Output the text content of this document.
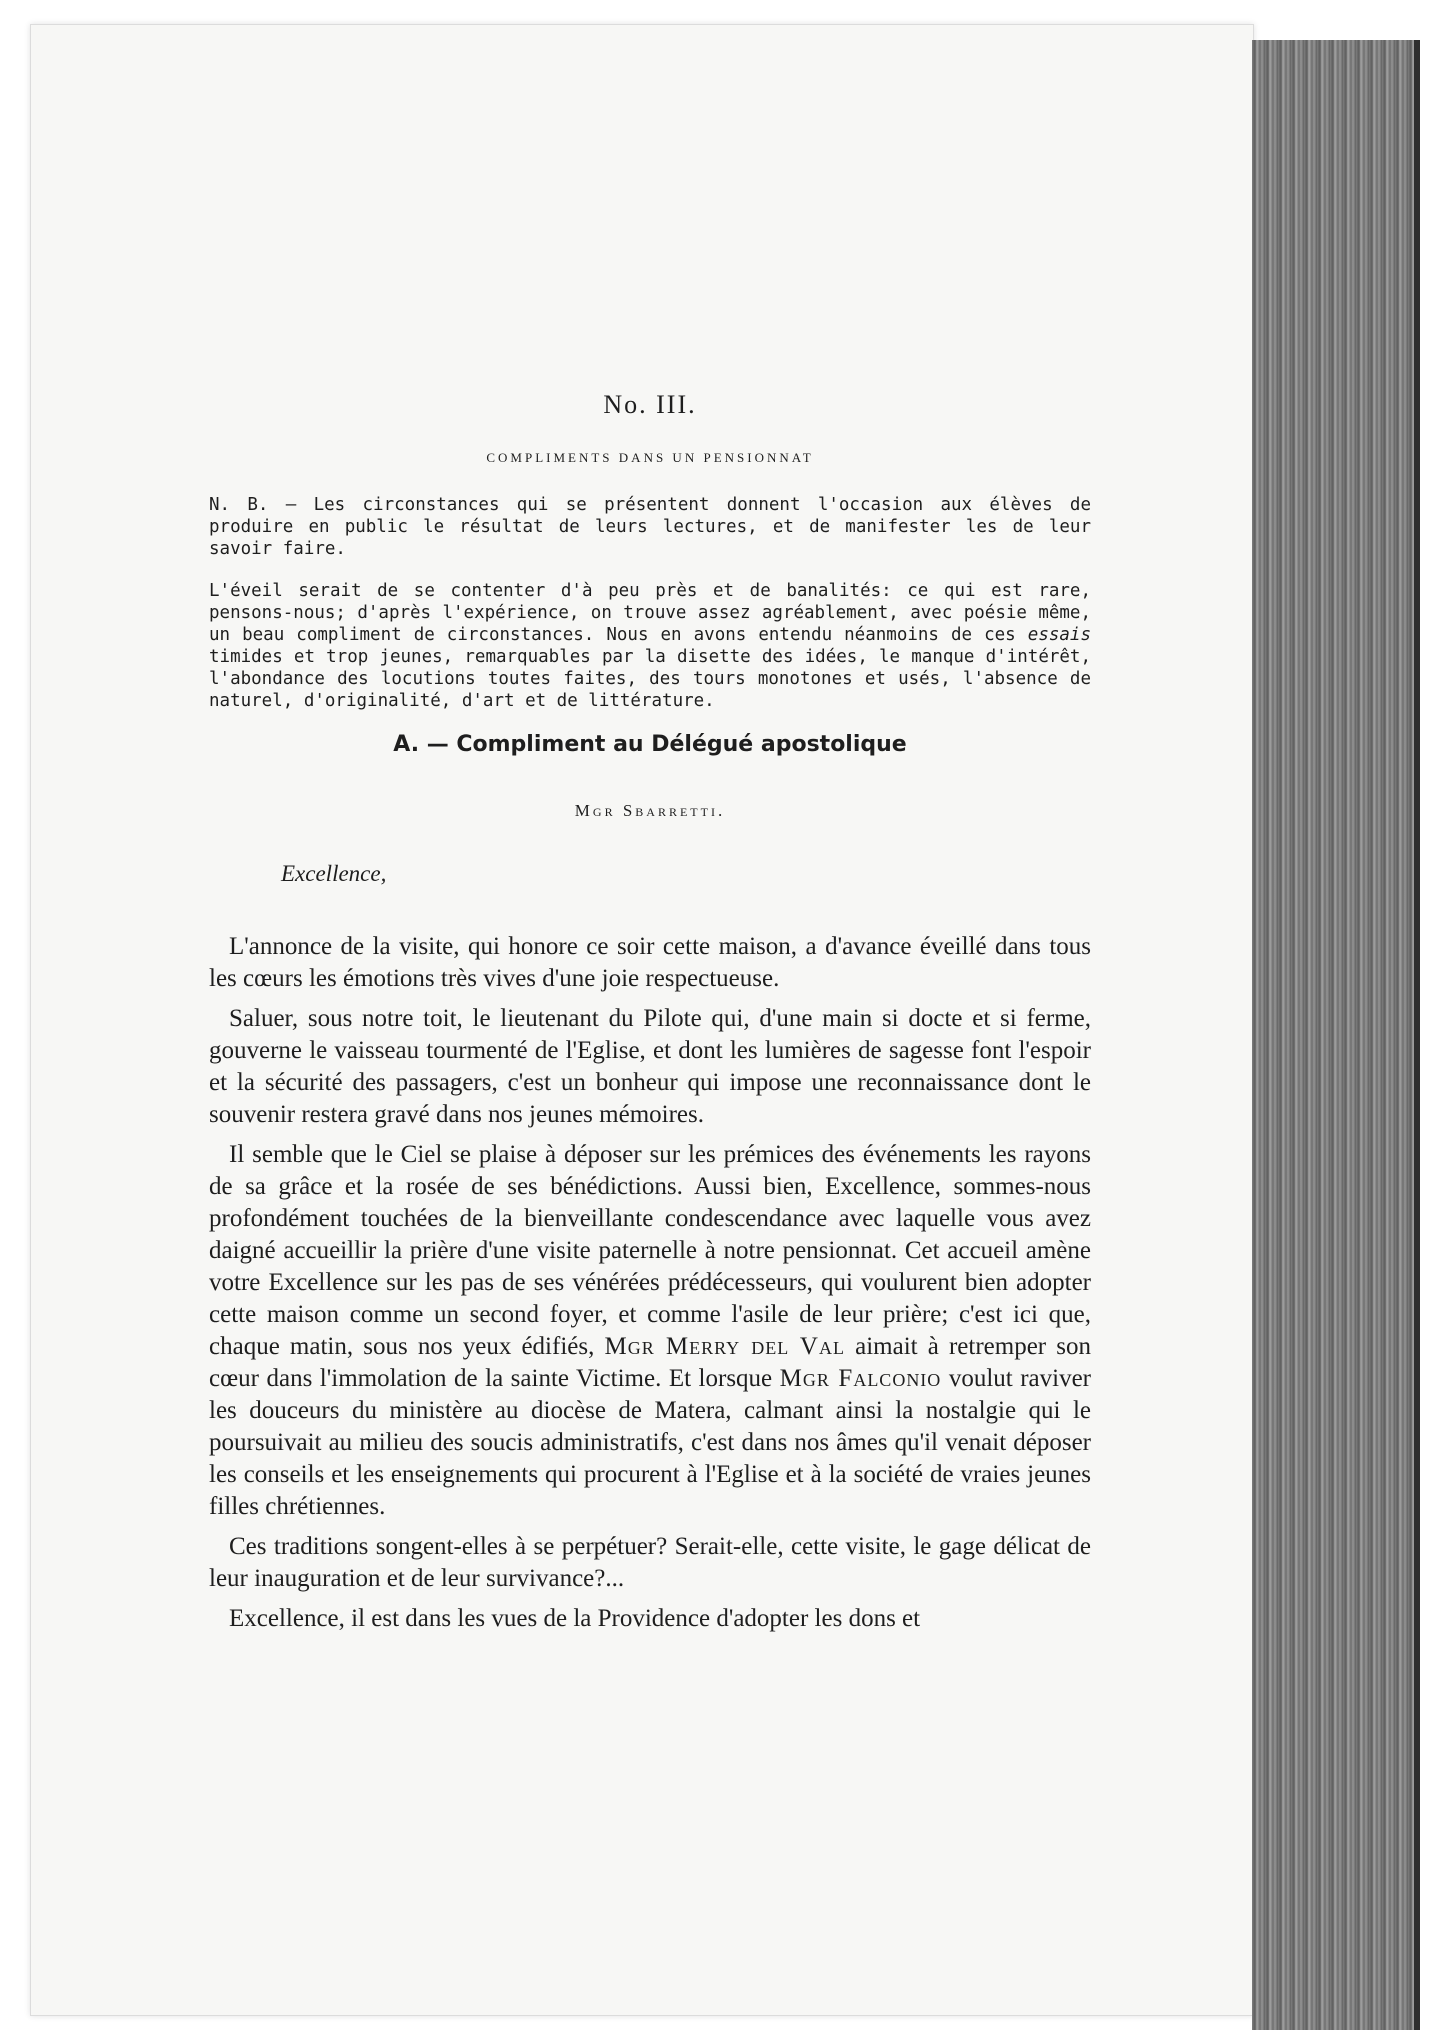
No. III.
COMPLIMENTS DANS UN PENSIONNAT

N. B. — Les circonstances qui se présentent donnent l'occasion aux élèves de produire en public le résultat de leurs lectures, et de manifester les de leur savoir faire.

L'éveil serait de se contenter d'à peu près et de banalités: ce qui est rare, pensons-nous; d'après l'expérience, on trouve assez agréablement, avec poésie même, un beau compliment de circonstances. Nous en avons entendu néanmoins de ces essais timides et trop jeunes, remarquables par la disette des idées, le manque d'intérêt, l'abondance des locutions toutes faites, des tours monotones et usés, l'absence de naturel, d'originalité, d'art et de littérature.

A. — Compliment au Délégué apostolique
Mgr Sbarretti.
Excellence,

L'annonce de la visite, qui honore ce soir cette maison, a d'avance éveillé dans tous les cœurs les émotions très vives d'une joie respectueuse.

Saluer, sous notre toit, le lieutenant du Pilote qui, d'une main si docte et si ferme, gouverne le vaisseau tourmenté de l'Eglise, et dont les lumières de sagesse font l'espoir et la sécurité des passagers, c'est un bonheur qui impose une reconnaissance dont le souvenir restera gravé dans nos jeunes mémoires.

Il semble que le Ciel se plaise à déposer sur les prémices des événements les rayons de sa grâce et la rosée de ses bénédictions. Aussi bien, Excellence, sommes-nous profondément touchées de la bienveillante condescendance avec laquelle vous avez daigné accueillir la prière d'une visite paternelle à notre pensionnat. Cet accueil amène votre Excellence sur les pas de ses vénérées prédécesseurs, qui voulurent bien adopter cette maison comme un second foyer, et comme l'asile de leur prière; c'est ici que, chaque matin, sous nos yeux édifiés, Mgr Merry del Val aimait à retremper son cœur dans l'immolation de la sainte Victime. Et lorsque Mgr Falconio voulut raviver les douceurs du ministère au diocèse de Matera, calmant ainsi la nostalgie qui le poursuivait au milieu des soucis administratifs, c'est dans nos âmes qu'il venait déposer les conseils et les enseignements qui procurent à l'Eglise et à la société de vraies jeunes filles chrétiennes.

Ces traditions songent-elles à se perpétuer? Serait-elle, cette visite, le gage délicat de leur inauguration et de leur survivance?...

Excellence, il est dans les vues de la Providence d'adopter les dons et
